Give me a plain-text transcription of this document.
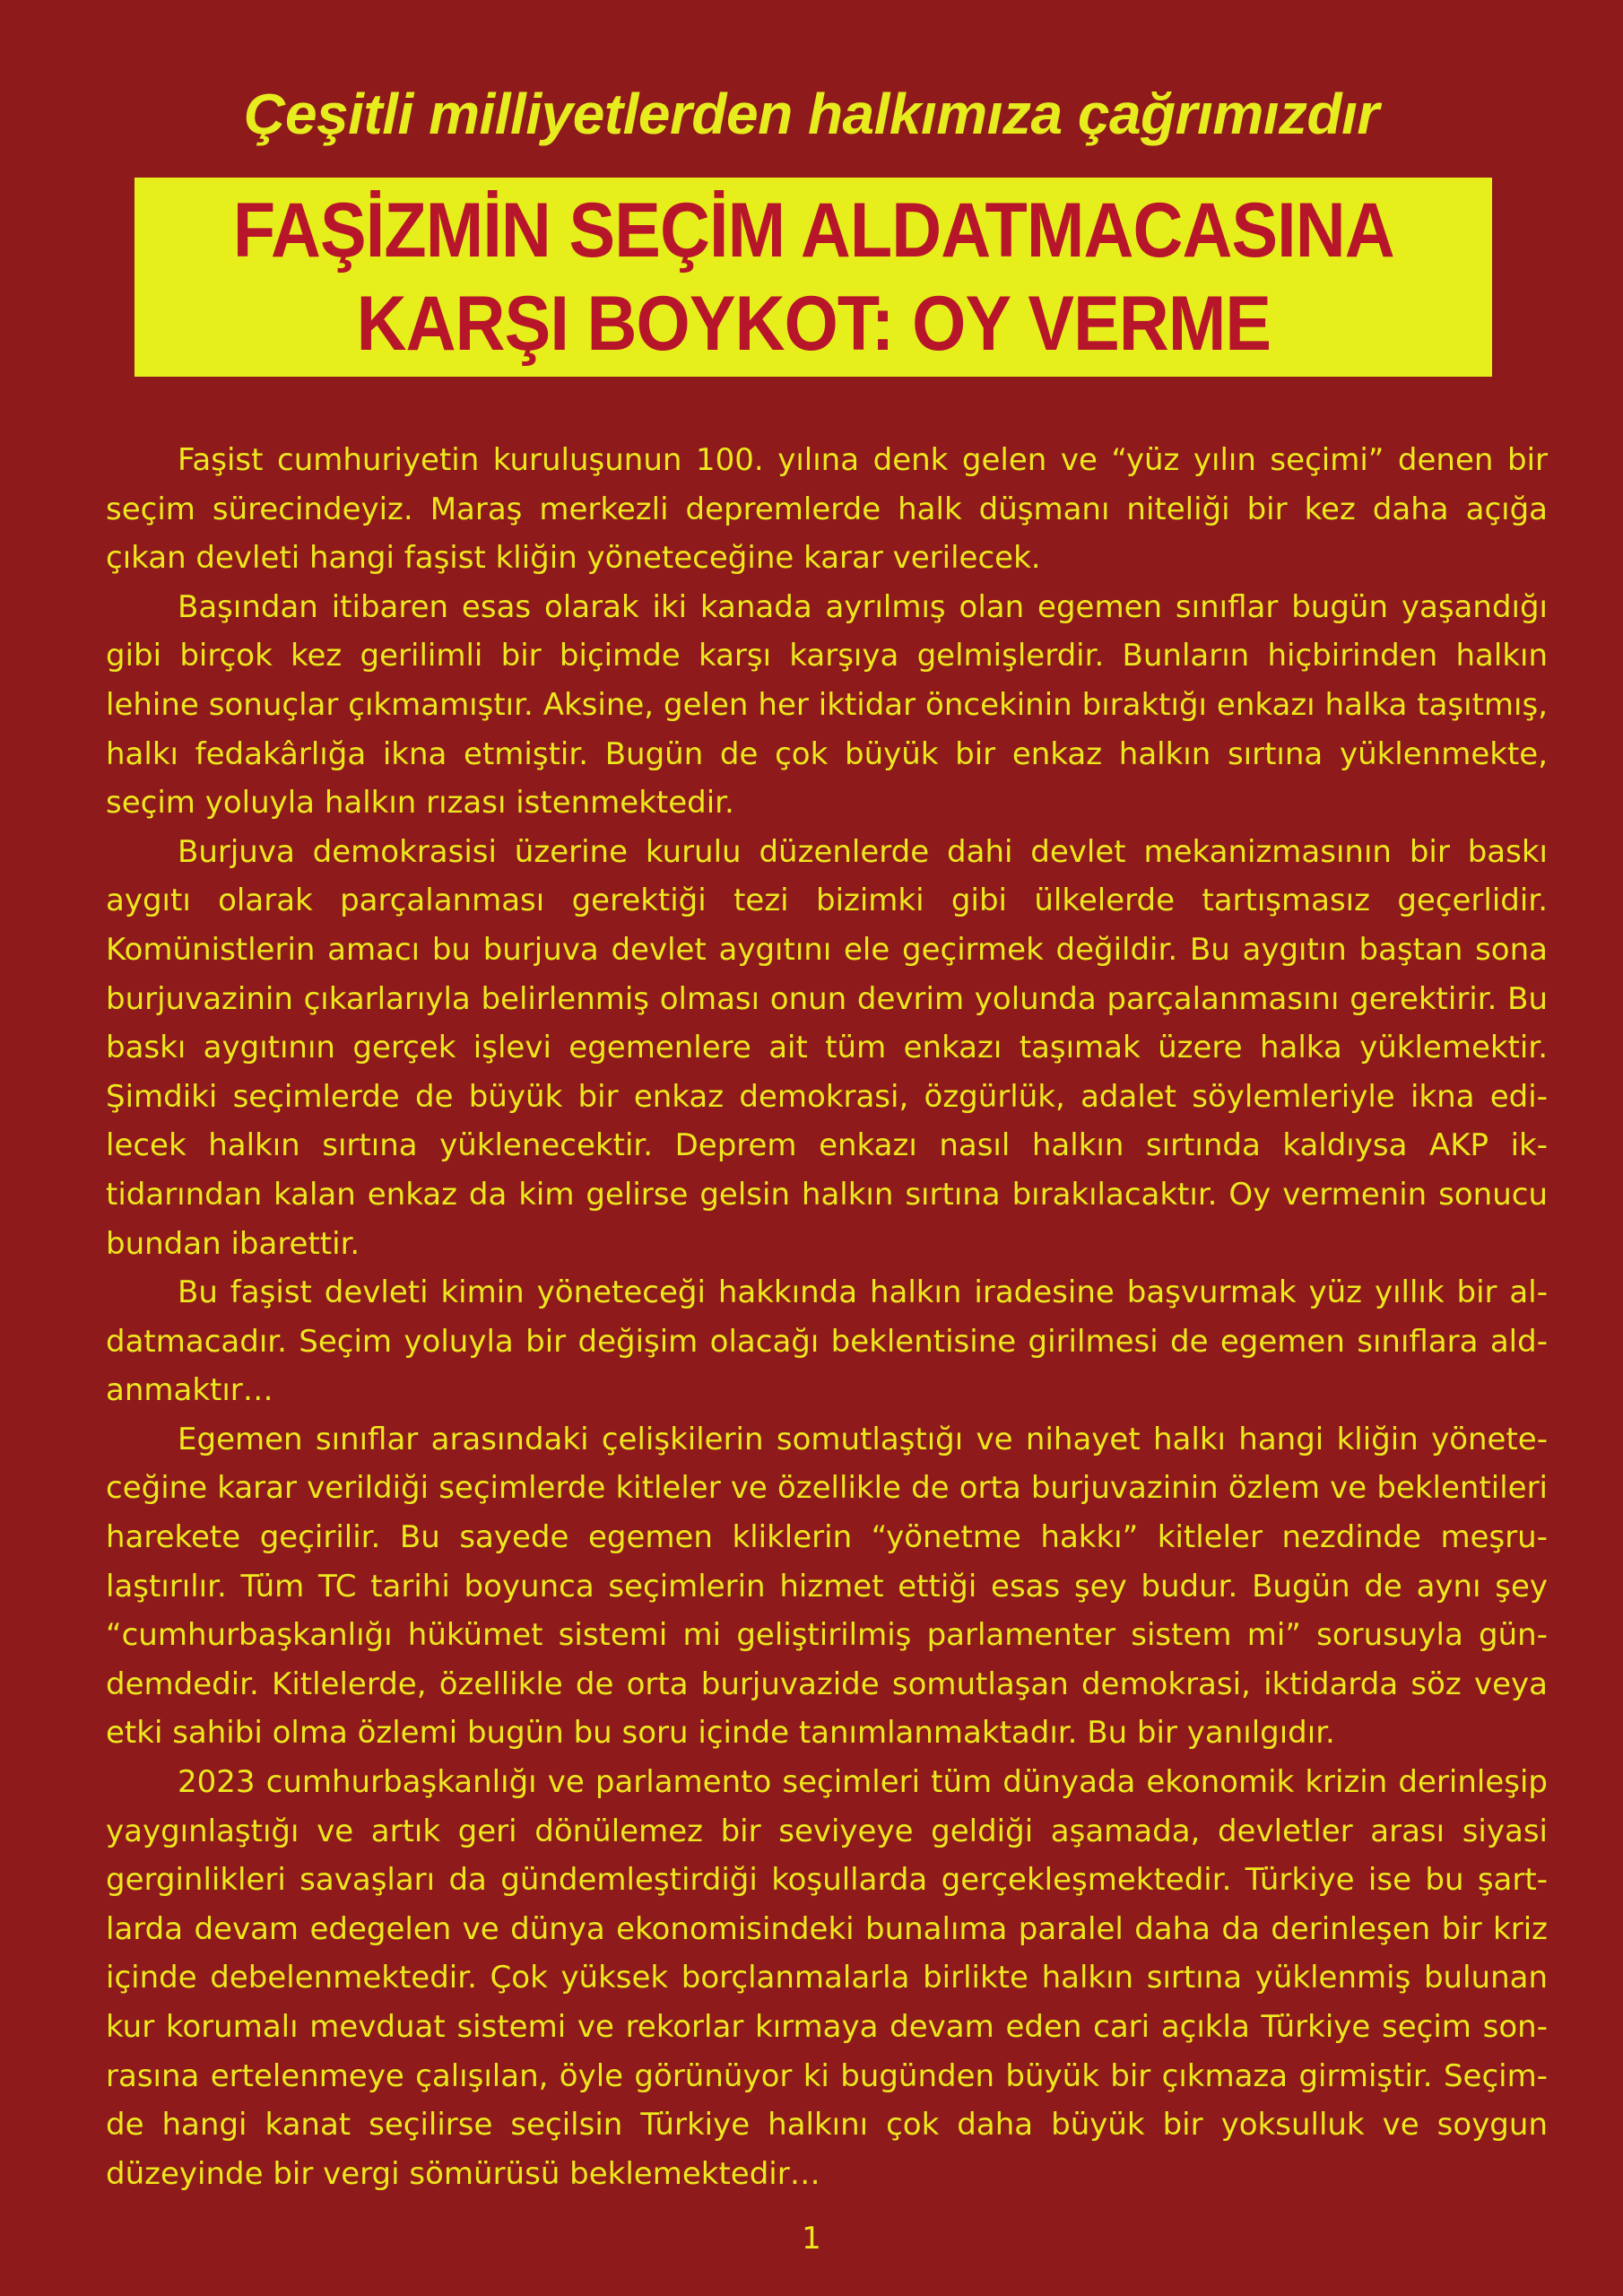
Çeşitli milliyetlerden halkımıza çağrımızdır
FAŞİZMİN SEÇİM ALDATMACASINA
KARŞI BOYKOT: OY VERME

Faşist cumhuriyetin kuruluşunun 100. yılına denk gelen ve “yüz yılın seçimi” denen bir seçim sürecindeyiz. Maraş merkezli depremlerde halk düşmanı niteliği bir kez daha açığa çıkan devleti hangi faşist kliğin yöneteceğine karar verilecek.

Başından itibaren esas olarak iki kanada ayrılmış olan egemen sınıflar bugün yaşandığı gibi birçok kez gerilimli bir biçimde karşı karşıya gelmişlerdir. Bunların hiçbirinden halkın lehine sonuçlar çıkmamıştır. Aksine, gelen her iktidar öncekinin bıraktığı enkazı halka taşıtmış, halkı fedakârlığa ikna etmiştir. Bugün de çok büyük bir enkaz halkın sırtına yüklenmekte, seçim yoluyla halkın rızası istenmektedir.

Burjuva demokrasisi üzerine kurulu düzenlerde dahi devlet mekanizmasının bir baskı aygıtı olarak parçalanması gerektiği tezi bizimki gibi ülkelerde tartışmasız geçerlidir. Komünistlerin amacı bu burjuva devlet aygıtını ele geçirmek değildir. Bu aygıtın baştan sona burjuvazinin çıkarlarıyla belirlenmiş olması onun devrim yolunda parçalanmasını gerektirir. Bu baskı aygıtının gerçek işlevi egemenlere ait tüm enkazı taşımak üzere halka yüklemektir. Şimdiki seçimlerde de büyük bir enkaz demokrasi, özgürlük, adalet söylemleriyle ikna edilecek halkın sırtına yüklenecektir. Deprem enkazı nasıl halkın sırtında kaldıysa AKP iktidarından kalan enkaz da kim gelirse gelsin halkın sırtına bırakılacaktır. Oy vermenin sonucu bundan ibarettir.

Bu faşist devleti kimin yöneteceği hakkında halkın iradesine başvurmak yüz yıllık bir aldatmacadır. Seçim yoluyla bir değişim olacağı beklentisine girilmesi de egemen sınıflara aldanmaktır…

Egemen sınıflar arasındaki çelişkilerin somutlaştığı ve nihayet halkı hangi kliğin yöneteceğine karar verildiği seçimlerde kitleler ve özellikle de orta burjuvazinin özlem ve beklentileri harekete geçirilir. Bu sayede egemen kliklerin “yönetme hakkı” kitleler nezdinde meşrulaştırılır. Tüm TC tarihi boyunca seçimlerin hizmet ettiği esas şey budur. Bugün de aynı şey “cumhurbaşkanlığı hükümet sistemi mi geliştirilmiş parlamenter sistem mi” sorusuyla gündemdedir. Kitlelerde, özellikle de orta burjuvazide somutlaşan demokrasi, iktidarda söz veya etki sahibi olma özlemi bugün bu soru içinde tanımlanmaktadır. Bu bir yanılgıdır.

2023 cumhurbaşkanlığı ve parlamento seçimleri tüm dünyada ekonomik krizin derinleşip yaygınlaştığı ve artık geri dönülemez bir seviyeye geldiği aşamada, devletler arası siyasi gerginlikleri savaşları da gündemleştirdiği koşullarda gerçekleşmektedir. Türkiye ise bu şartlarda devam edegelen ve dünya ekonomisindeki bunalıma paralel daha da derinleşen bir kriz içinde debelenmektedir. Çok yüksek borçlanmalarla birlikte halkın sırtına yüklenmiş bulunan kur korumalı mevduat sistemi ve rekorlar kırmaya devam eden cari açıkla Türkiye seçim sonrasına ertelenmeye çalışılan, öyle görünüyor ki bugünden büyük bir çıkmaza girmiştir. Seçimde hangi kanat seçilirse seçilsin Türkiye halkını çok daha büyük bir yoksulluk ve soygun düzeyinde bir vergi sömürüsü beklemektedir…

1
